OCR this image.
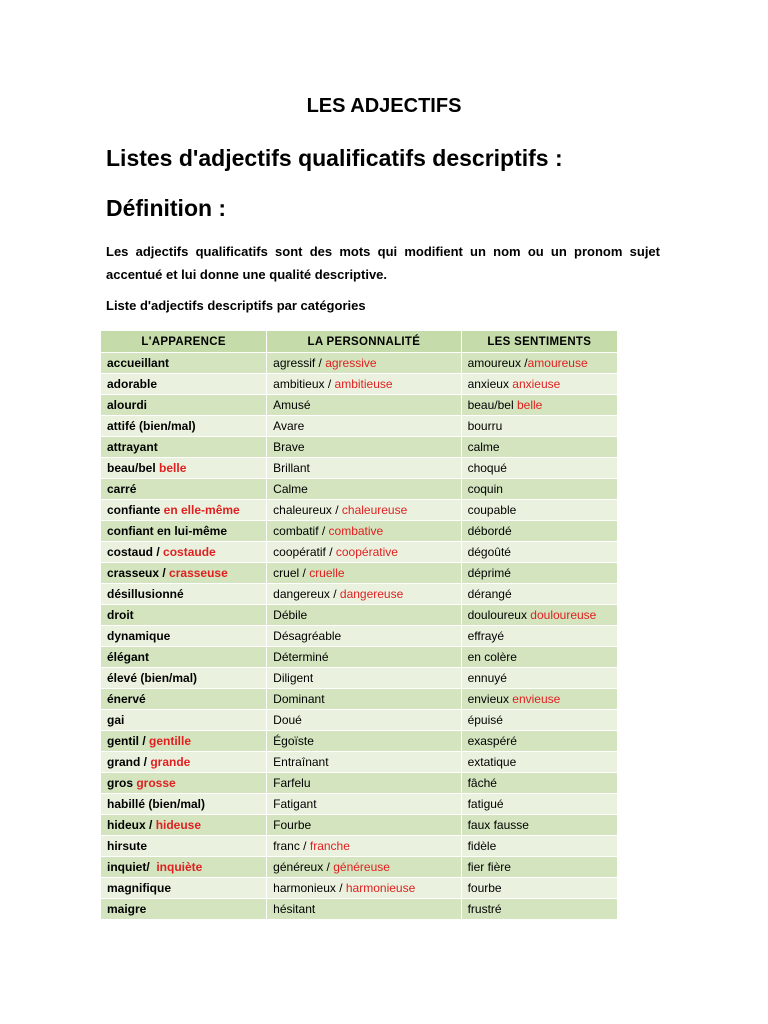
LES ADJECTIFS
Listes d'adjectifs qualificatifs descriptifs :
Définition :
Les adjectifs qualificatifs sont des mots qui modifient un nom ou un pronom sujet accentué et lui donne une qualité descriptive.
Liste d'adjectifs descriptifs par catégories
L'APPARENCE	LA PERSONNALITÉ	LES SENTIMENTS
accueillant	agressif / agressive	amoureux /amoureuse
adorable	ambitieux / ambitieuse	anxieux anxieuse
alourdi	Amusé	beau/bel belle
attifé (bien/mal)	Avare	bourru
attrayant	Brave	calme
beau/bel belle	Brillant	choqué
carré	Calme	coquin
confiante en elle-même	chaleureux / chaleureuse	coupable
confiant en lui-même	combatif / combative	débordé
costaud / costaude	coopératif / coopérative	dégoûté
crasseux / crasseuse	cruel / cruelle	déprimé
désillusionné	dangereux / dangereuse	dérangé
droit	Débile	douloureux douloureuse
dynamique	Désagréable	effrayé
élégant	Déterminé	en colère
élevé (bien/mal)	Diligent	ennuyé
énervé	Dominant	envieux envieuse
gai	Doué	épuisé
gentil / gentille	Égoïste	exaspéré
grand / grande	Entraînant	extatique
gros grosse	Farfelu	fâché
habillé (bien/mal)	Fatigant	fatigué
hideux / hideuse	Fourbe	faux fausse
hirsute	franc / franche	fidèle
inquiet/  inquiète	généreux / généreuse	fier fière
magnifique	harmonieux / harmonieuse	fourbe
maigre	hésitant	frustré
